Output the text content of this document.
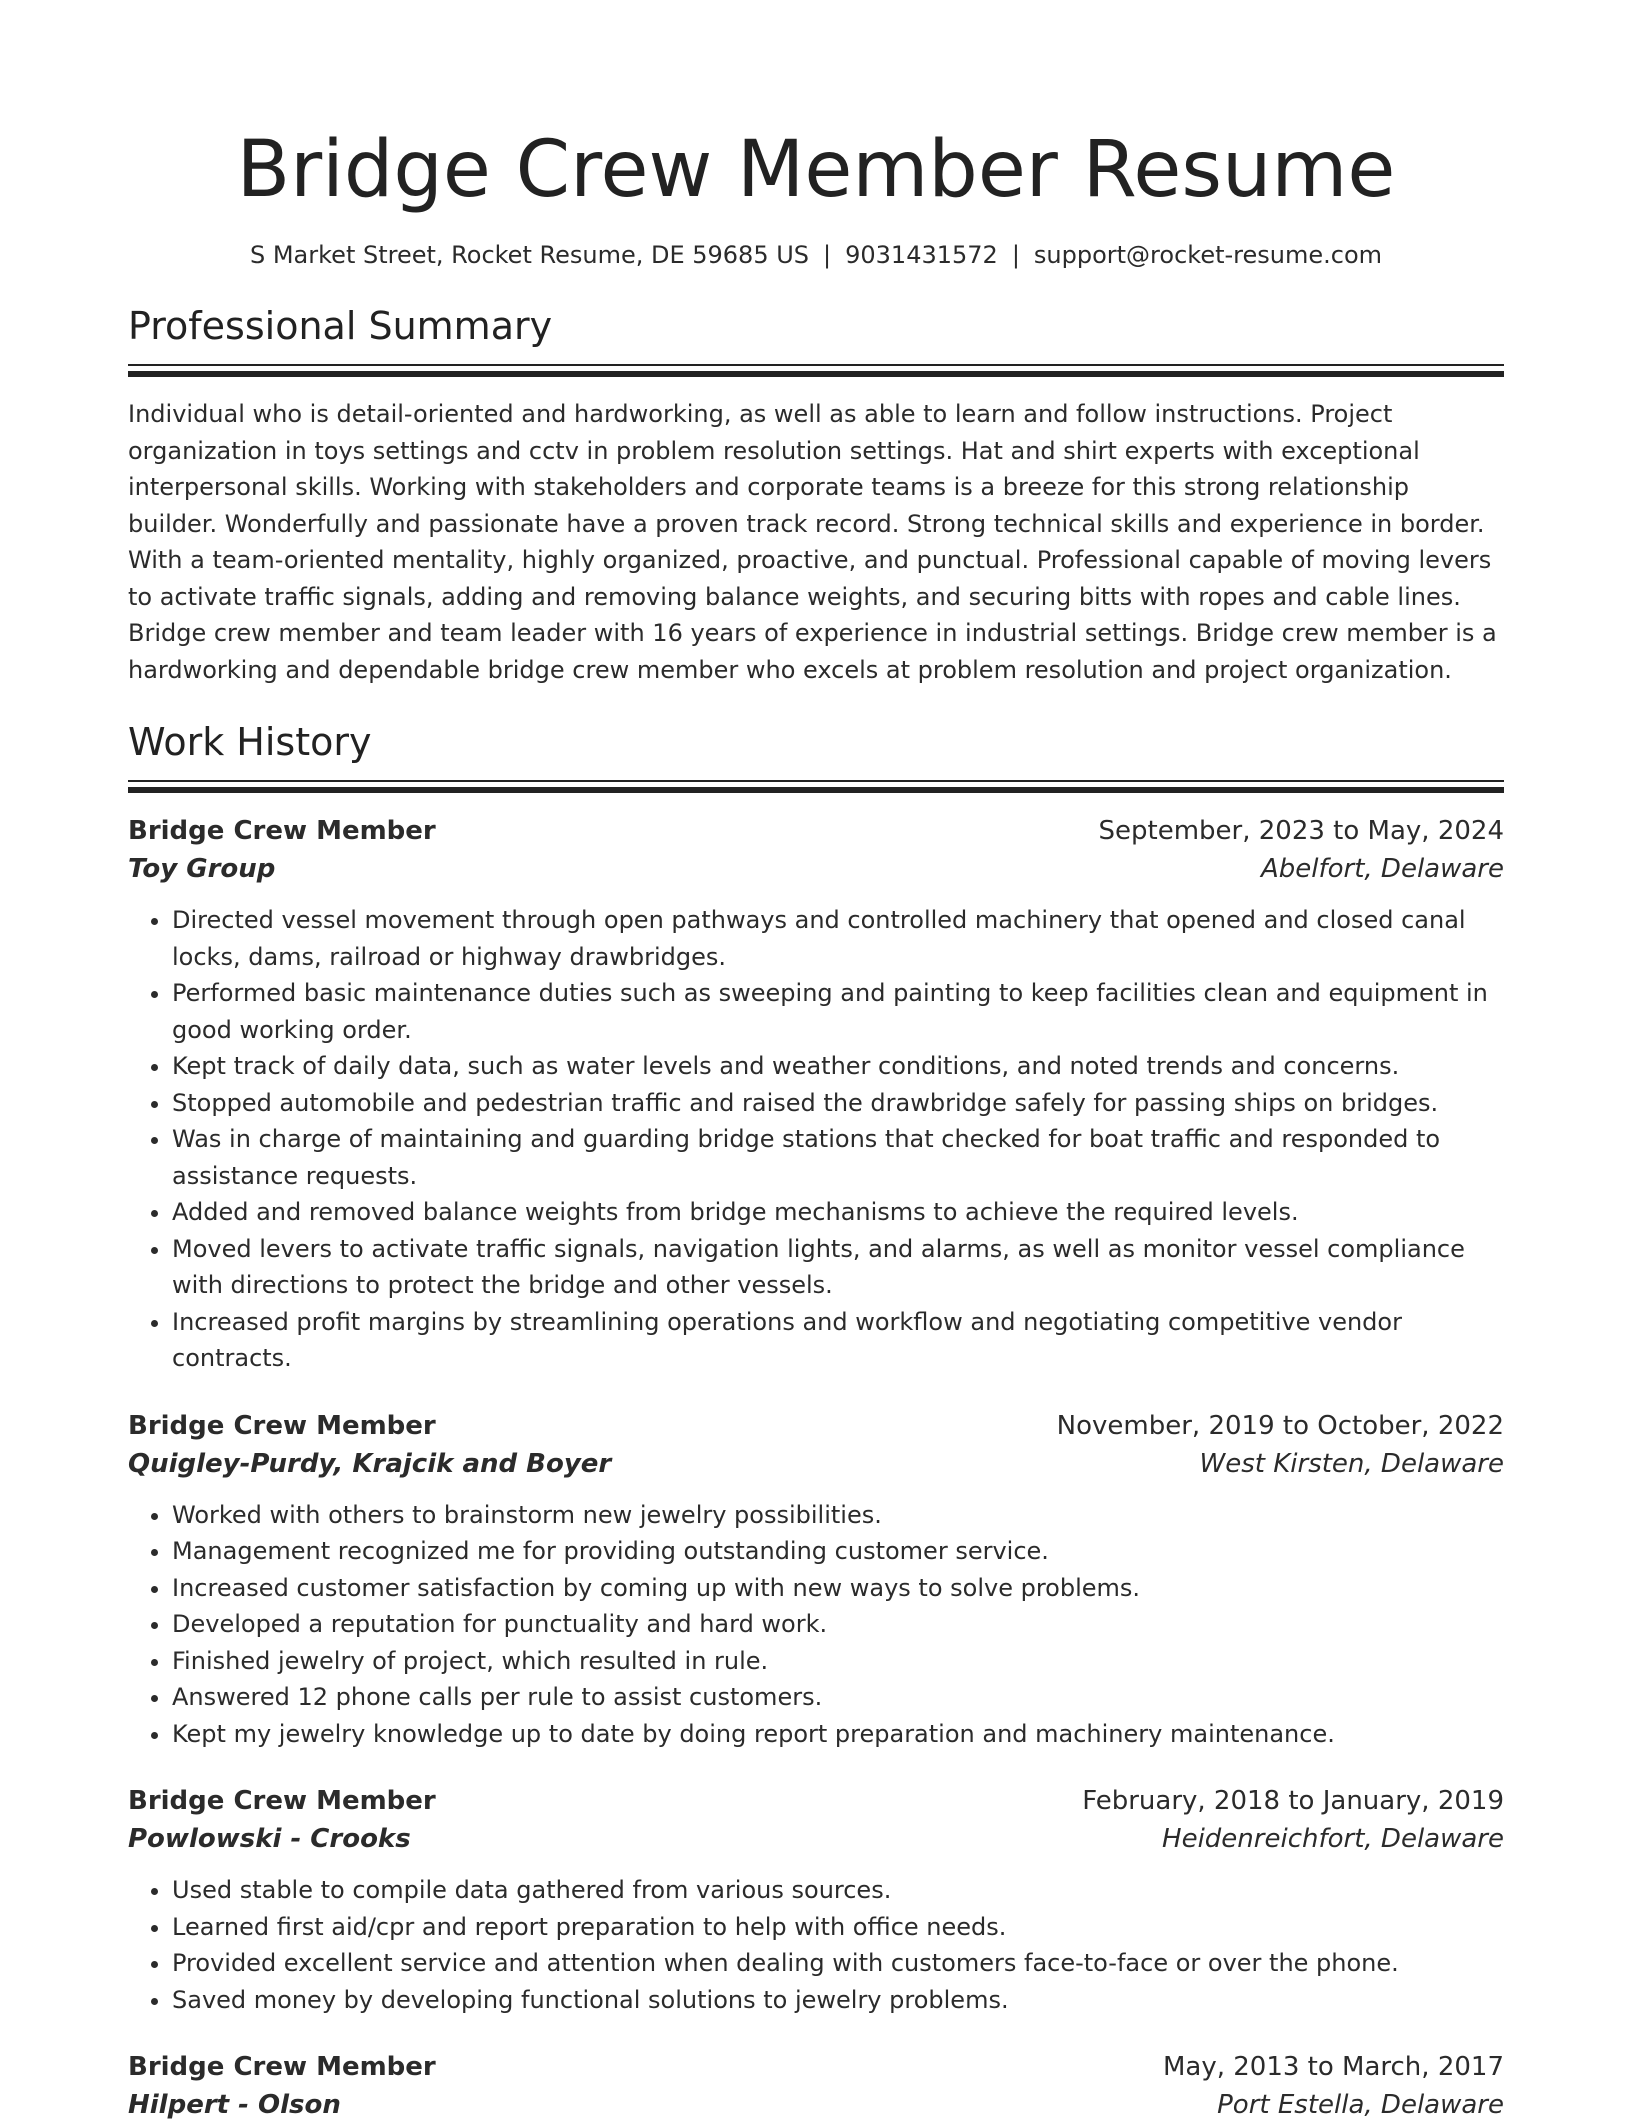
Bridge Crew Member Resume
S Market Street, Rocket Resume, DE 59685 US | 9031431572 | support@rocket-resume.com
Professional Summary

Individual who is detail-oriented and hardworking, as well as able to learn and follow instructions. Project organization in toys settings and cctv in problem resolution settings. Hat and shirt experts with exceptional interpersonal skills. Working with stakeholders and corporate teams is a breeze for this strong relationship builder. Wonderfully and passionate have a proven track record. Strong technical skills and experience in border. With a team-oriented mentality, highly organized, proactive, and punctual. Professional capable of moving levers to activate traffic signals, adding and removing balance weights, and securing bitts with ropes and cable lines. Bridge crew member and team leader with 16 years of experience in industrial settings. Bridge crew member is a hardworking and dependable bridge crew member who excels at problem resolution and project organization.

Work History
Bridge Crew Member	September, 2023 to May, 2024
Toy Group	Abelfort, Delaware
• Directed vessel movement through open pathways and controlled machinery that opened and closed canal locks, dams, railroad or highway drawbridges.
• Performed basic maintenance duties such as sweeping and painting to keep facilities clean and equipment in good working order.
• Kept track of daily data, such as water levels and weather conditions, and noted trends and concerns.
• Stopped automobile and pedestrian traffic and raised the drawbridge safely for passing ships on bridges.
• Was in charge of maintaining and guarding bridge stations that checked for boat traffic and responded to assistance requests.
• Added and removed balance weights from bridge mechanisms to achieve the required levels.
• Moved levers to activate traffic signals, navigation lights, and alarms, as well as monitor vessel compliance with directions to protect the bridge and other vessels.
• Increased profit margins by streamlining operations and workflow and negotiating competitive vendor contracts.
Bridge Crew Member	November, 2019 to October, 2022
Quigley-Purdy, Krajcik and Boyer	West Kirsten, Delaware
• Worked with others to brainstorm new jewelry possibilities.
• Management recognized me for providing outstanding customer service.
• Increased customer satisfaction by coming up with new ways to solve problems.
• Developed a reputation for punctuality and hard work.
• Finished jewelry of project, which resulted in rule.
• Answered 12 phone calls per rule to assist customers.
• Kept my jewelry knowledge up to date by doing report preparation and machinery maintenance.
Bridge Crew Member	February, 2018 to January, 2019
Powlowski - Crooks	Heidenreichfort, Delaware
• Used stable to compile data gathered from various sources.
• Learned first aid/cpr and report preparation to help with office needs.
• Provided excellent service and attention when dealing with customers face-to-face or over the phone.
• Saved money by developing functional solutions to jewelry problems.
Bridge Crew Member	May, 2013 to March, 2017
Hilpert - Olson	Port Estella, Delaware
